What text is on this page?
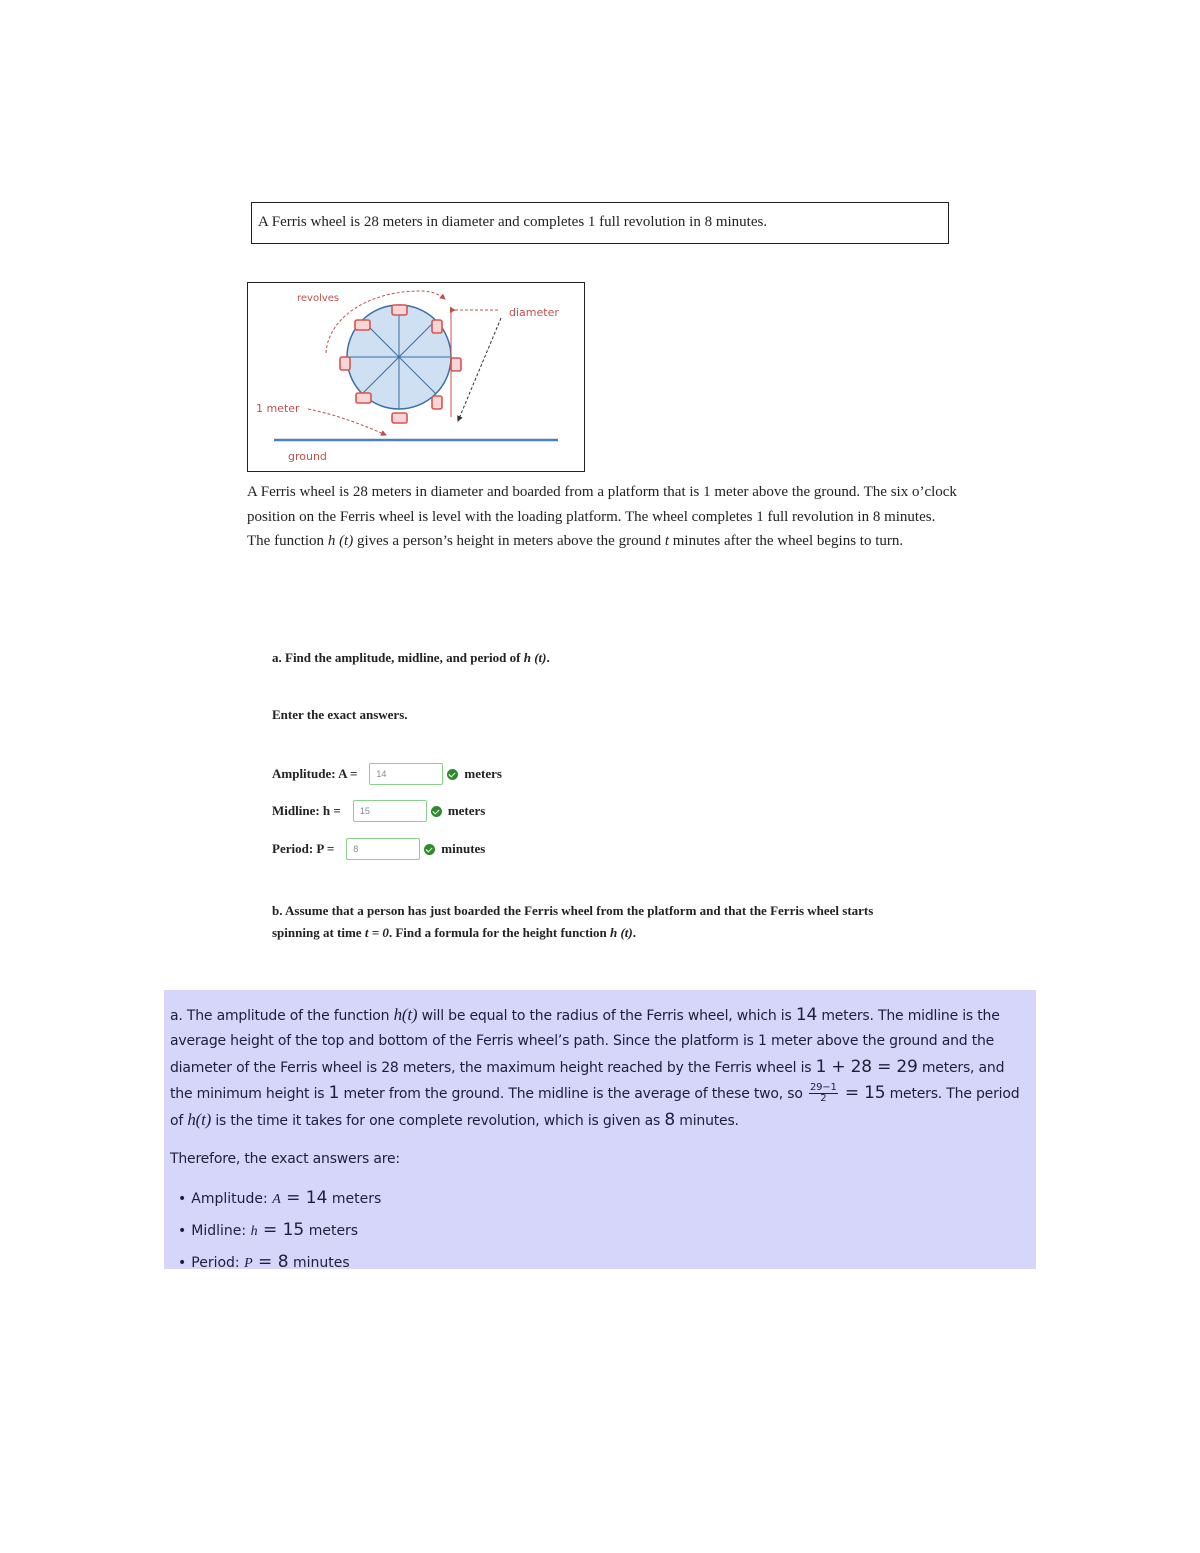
A Ferris wheel is 28 meters in diameter and completes 1 full revolution in 8 minutes.
revolves
diameter
1 meter
ground
A Ferris wheel is 28 meters in diameter and boarded from a platform that is 1 meter above the ground. The six o’clock position on the Ferris wheel is level with the loading platform. The wheel completes 1 full revolution in 8 minutes. The function h (t) gives a person’s height in meters above the ground t minutes after the wheel begins to turn.
a. Find the amplitude, midline, and period of h (t).
Enter the exact answers.
Amplitude: A = 14	meters
Midline: h = 15	meters
Period: P = 8	minutes
b. Assume that a person has just boarded the Ferris wheel from the platform and that the Ferris wheel starts spinning at time t = 0. Find a formula for the height function h (t).

a. The amplitude of the function h(t) will be equal to the radius of the Ferris wheel, which is 14 meters. The midline is the average height of the top and bottom of the Ferris wheel’s path. Since the platform is 1 meter above the ground and the diameter of the Ferris wheel is 28 meters, the maximum height reached by the Ferris wheel is 1 + 28 = 29 meters, and the minimum height is 1 meter from the ground. The midline is the average of these two, so $\frac{29-1}{2} = 15$ meters. The period of h(t) is the time it takes for one complete revolution, which is given as 8 minutes.

Therefore, the exact answers are:

• Amplitude: A = 14 meters
• Midline: h = 15 meters
• Period: P = 8 minutes
